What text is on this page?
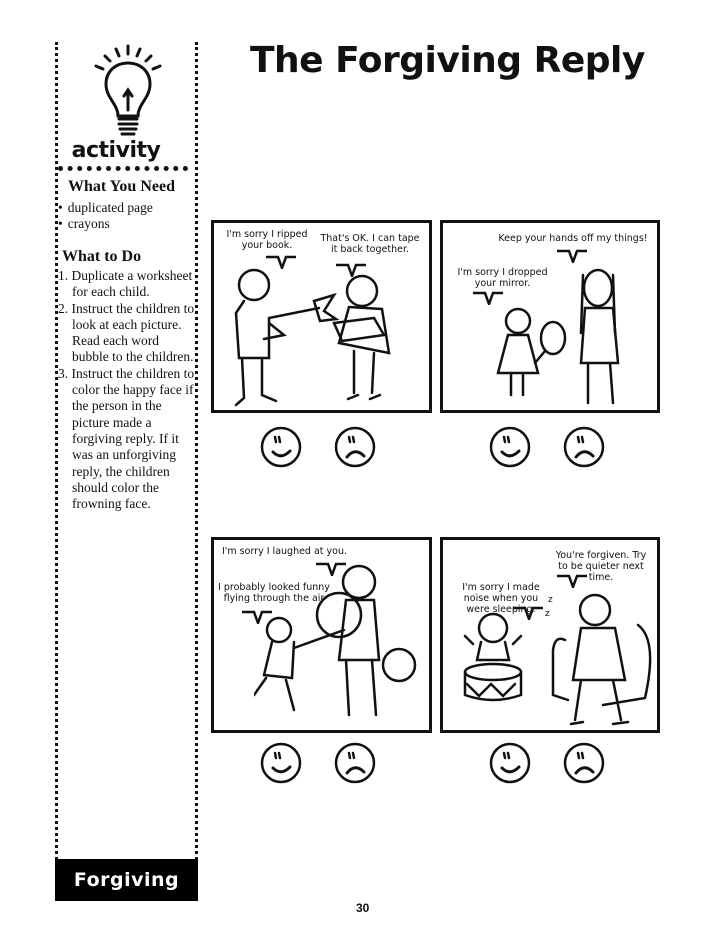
activity
What You Need
• duplicated page
• crayons
What to Do
1. Duplicate a worksheet for each child.
2. Instruct the children to look at each picture. Read each word bubble to the children.
3. Instruct the children to color the happy face if the person in the picture made a forgiving reply. If it was an unforgiving reply, the children should color the frowning face.
The Forgiving Reply
I'm sorry I ripped your book.
That's OK. I can tape it back together.
Keep your hands off my things!
I'm sorry I dropped your mirror.
I'm sorry I laughed at you.
I probably looked funny flying through the air
You're forgiven. Try to be quieter next time.
I'm sorry I made noise when you were sleeping.
z
z
Forgiving
30
